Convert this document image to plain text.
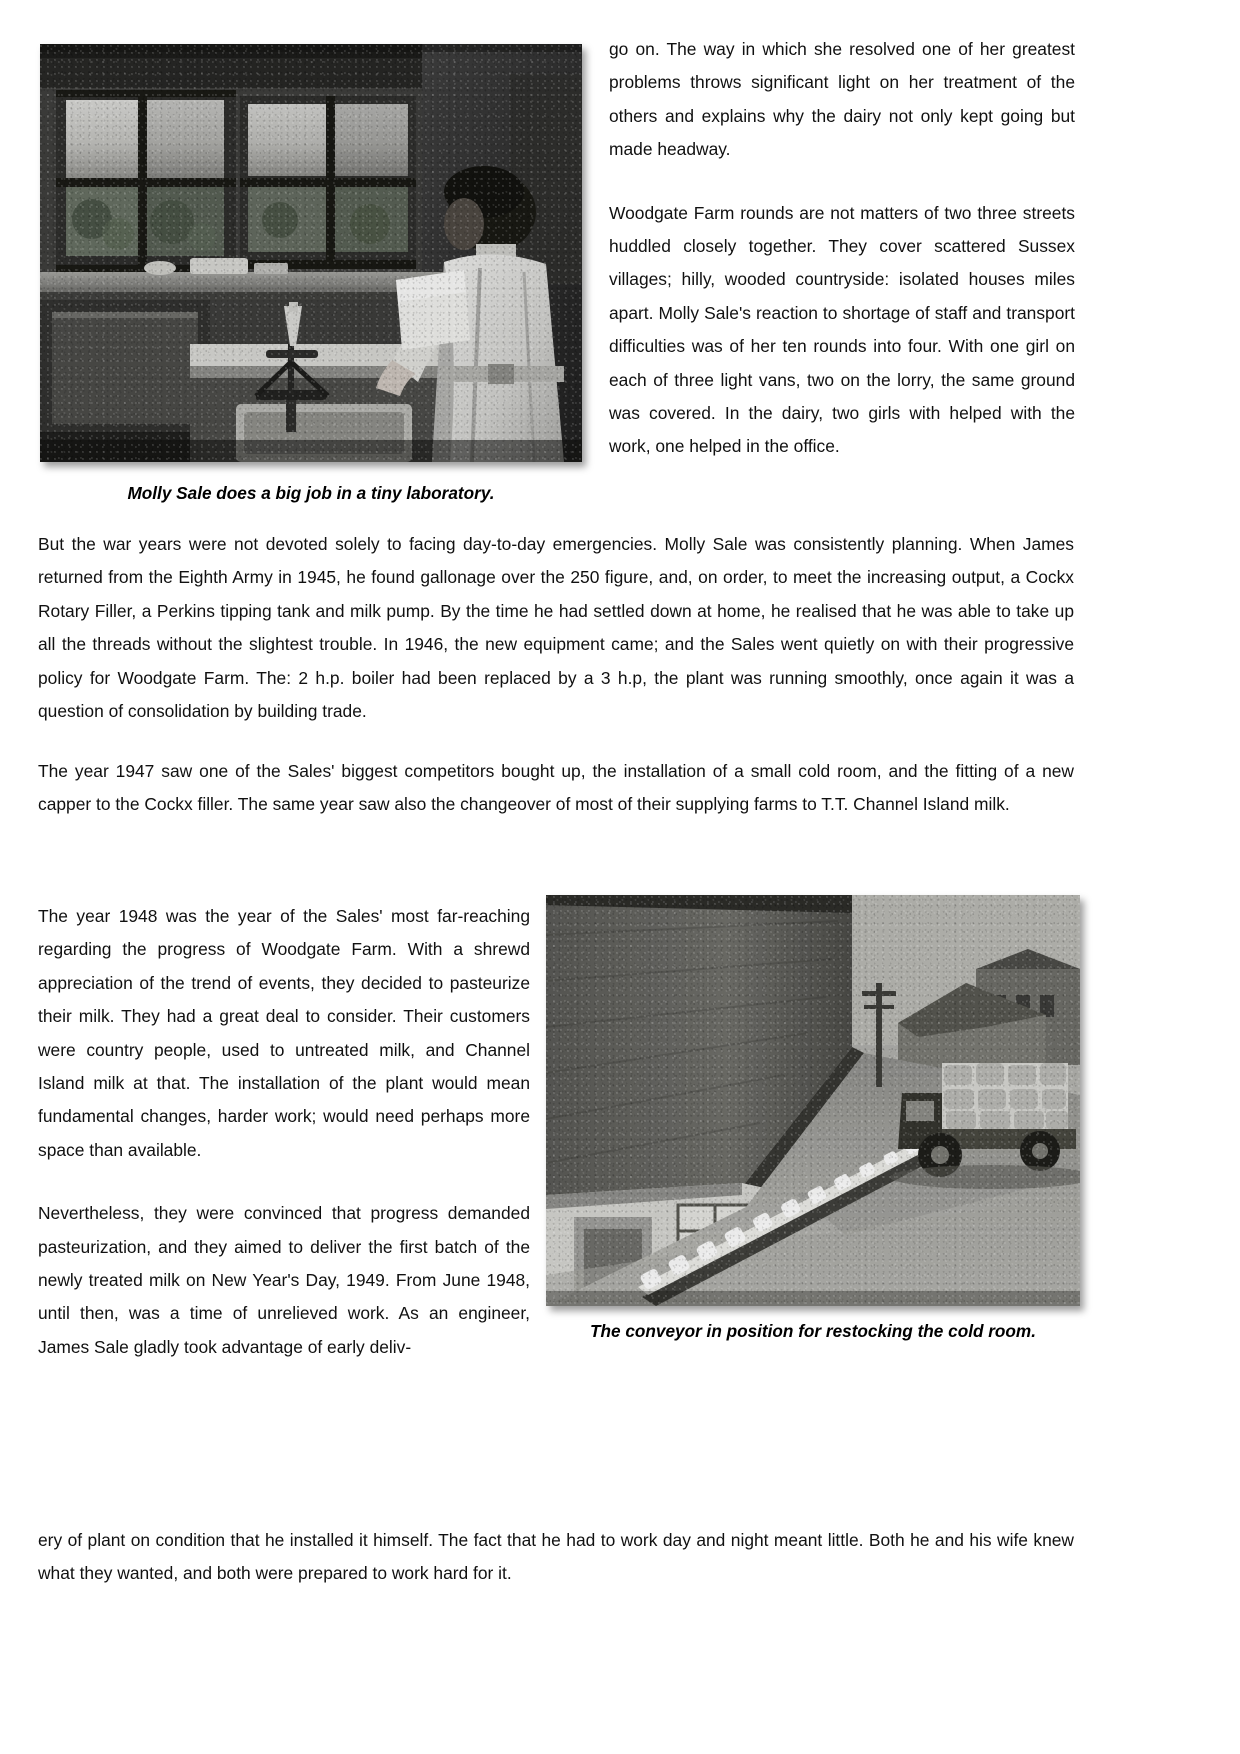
Molly Sale does a big job in a tiny laboratory.

go on. The way in which she resolved one of her greatest problems throws significant light on her treatment of the others and explains why the dairy not only kept going but made headway.

Woodgate Farm rounds are not matters of two three streets huddled closely together. They cover scattered Sussex villages; hilly, wooded countryside: isolated houses miles apart. Molly Sale's reaction to shortage of staff and transport difficulties was of her ten rounds into four. With one girl on each of three light vans, two on the lorry, the same ground was covered. In the dairy, two girls with helped with the work, one helped in the office.

But the war years were not devoted solely to facing day-to-day emergencies. Molly Sale was consistently planning. When James returned from the Eighth Army in 1945, he found gallonage over the 250 figure, and, on order, to meet the increasing output, a Cockx Rotary Filler, a Perkins tipping tank and milk pump. By the time he had settled down at home, he realised that he was able to take up all the threads without the slightest trouble. In 1946, the new equipment came; and the Sales went quietly on with their progressive policy for Woodgate Farm. The: 2 h.p. boiler had been replaced by a 3 h.p, the plant was running smoothly, once again it was a question of consolidation by building trade.

The year 1947 saw one of the Sales' biggest competitors bought up, the installation of a small cold room, and the fitting of a new capper to the Cockx filler. The same year saw also the changeover of most of their supplying farms to T.T. Channel Island milk.

The year 1948 was the year of the Sales' most far-reaching regarding the progress of Woodgate Farm. With a shrewd appreciation of the trend of events, they decided to pasteurize their milk. They had a great deal to consider. Their customers were country people, used to untreated milk, and Channel Island milk at that. The installation of the plant would mean fundamental changes, harder work; would need perhaps more space than available.

Nevertheless, they were convinced that progress demanded pasteurization, and they aimed to deliver the first batch of the newly treated milk on New Year's Day, 1949. From June 1948, until then, was a time of unrelieved work. As an engineer, James Sale gladly took advantage of early deliv-

The conveyor in position for restocking the cold room.

ery of plant on condition that he installed it himself. The fact that he had to work day and night meant little. Both he and his wife knew what they wanted, and both were prepared to work hard for it.
